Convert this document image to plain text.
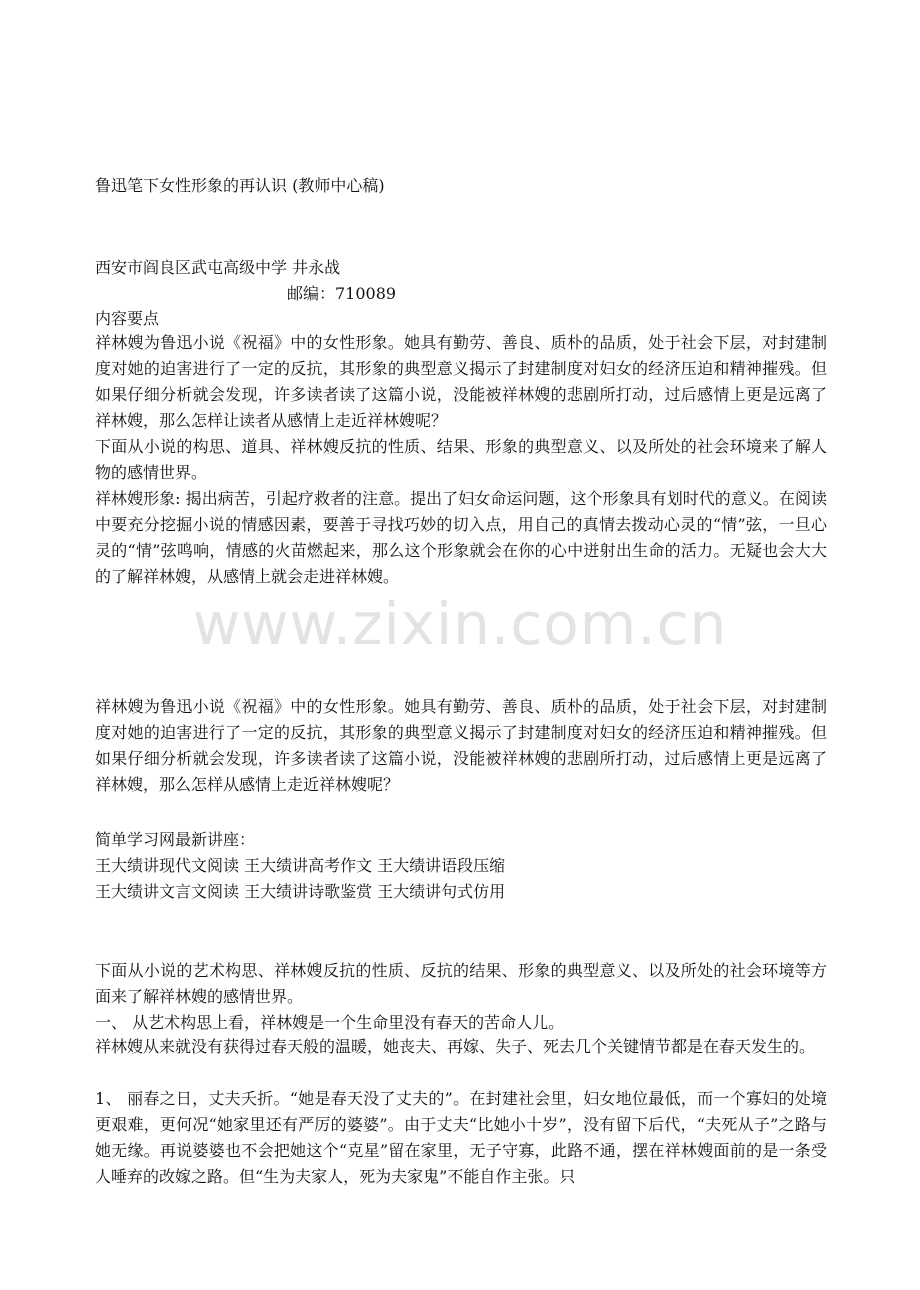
鲁迅笔下女性形象的再认识 (教师中心稿)
西安市阎良区武屯高级中学 井永战
邮编：710089
内容要点

祥林嫂为鲁迅小说《祝福》中的女性形象。她具有勤劳、善良、质朴的品质，处于社会下层，对封建制度对她的迫害进行了一定的反抗，其形象的典型意义揭示了封建制度对妇女的经济压迫和精神摧残。但如果仔细分析就会发现，许多读者读了这篇小说，没能被祥林嫂的悲剧所打动，过后感情上更是远离了祥林嫂，那么怎样让读者从感情上走近祥林嫂呢？

下面从小说的构思、道具、祥林嫂反抗的性质、结果、形象的典型意义、以及所处的社会环境来了解人物的感情世界。

祥林嫂形象: 揭出病苦，引起疗救者的注意。提出了妇女命运问题，这个形象具有划时代的意义。在阅读中要充分挖掘小说的情感因素，要善于寻找巧妙的切入点，用自己的真情去拨动心灵的“情”弦，一旦心灵的“情”弦鸣响，情感的火苗燃起来，那么这个形象就会在你的心中迸射出生命的活力。无疑也会大大的了解祥林嫂，从感情上就会走进祥林嫂。

www.zixin.com.cn

祥林嫂为鲁迅小说《祝福》中的女性形象。她具有勤劳、善良、质朴的品质，处于社会下层，对封建制度对她的迫害进行了一定的反抗，其形象的典型意义揭示了封建制度对妇女的经济压迫和精神摧残。但如果仔细分析就会发现，许多读者读了这篇小说，没能被祥林嫂的悲剧所打动，过后感情上更是远离了祥林嫂，那么怎样从感情上走近祥林嫂呢？

简单学习网最新讲座：
王大绩讲现代文阅读 王大绩讲高考作文 王大绩讲语段压缩
王大绩讲文言文阅读 王大绩讲诗歌鉴赏 王大绩讲句式仿用

下面从小说的艺术构思、祥林嫂反抗的性质、反抗的结果、形象的典型意义、以及所处的社会环境等方面来了解祥林嫂的感情世界。

一、 从艺术构思上看，祥林嫂是一个生命里没有春天的苦命人儿。

祥林嫂从来就没有获得过春天般的温暖，她丧夫、再嫁、失子、死去几个关键情节都是在春天发生的。

1、 丽春之日，丈夫夭折。“她是春天没了丈夫的”。在封建社会里，妇女地位最低，而一个寡妇的处境更艰难，更何况“她家里还有严厉的婆婆”。由于丈夫“比她小十岁”，没有留下后代，“夫死从子”之路与她无缘。再说婆婆也不会把她这个“克星”留在家里，无子守寡，此路不通，摆在祥林嫂面前的是一条受人唾弃的改嫁之路。但“生为夫家人，死为夫家鬼”不能自作主张。只
